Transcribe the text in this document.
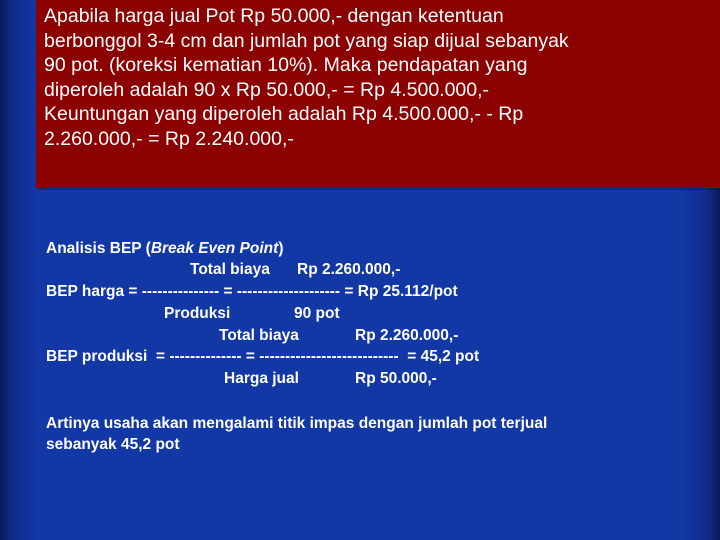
Apabila harga jual Pot Rp 50.000,- dengan ketentuan
berbonggol 3-4 cm dan jumlah pot yang siap dijual sebanyak
90 pot. (koreksi kematian 10%). Maka pendapatan yang
diperoleh adalah 90 x Rp 50.000,- = Rp 4.500.000,-
Keuntungan yang diperoleh adalah Rp 4.500.000,- - Rp
2.260.000,- = Rp 2.240.000,-
Analisis BEP (Break Even Point)
Total biaya Rp 2.260.000,-
BEP harga = --------------- = -------------------- = Rp 25.112/pot
Produksi	90 pot
Total biaya	Rp 2.260.000,-
BEP produksi  = -------------- = ---------------------------  = 45,2 pot
Harga jual	Rp 50.000,-
Artinya usaha akan mengalami titik impas dengan jumlah pot terjual
sebanyak 45,2 pot
